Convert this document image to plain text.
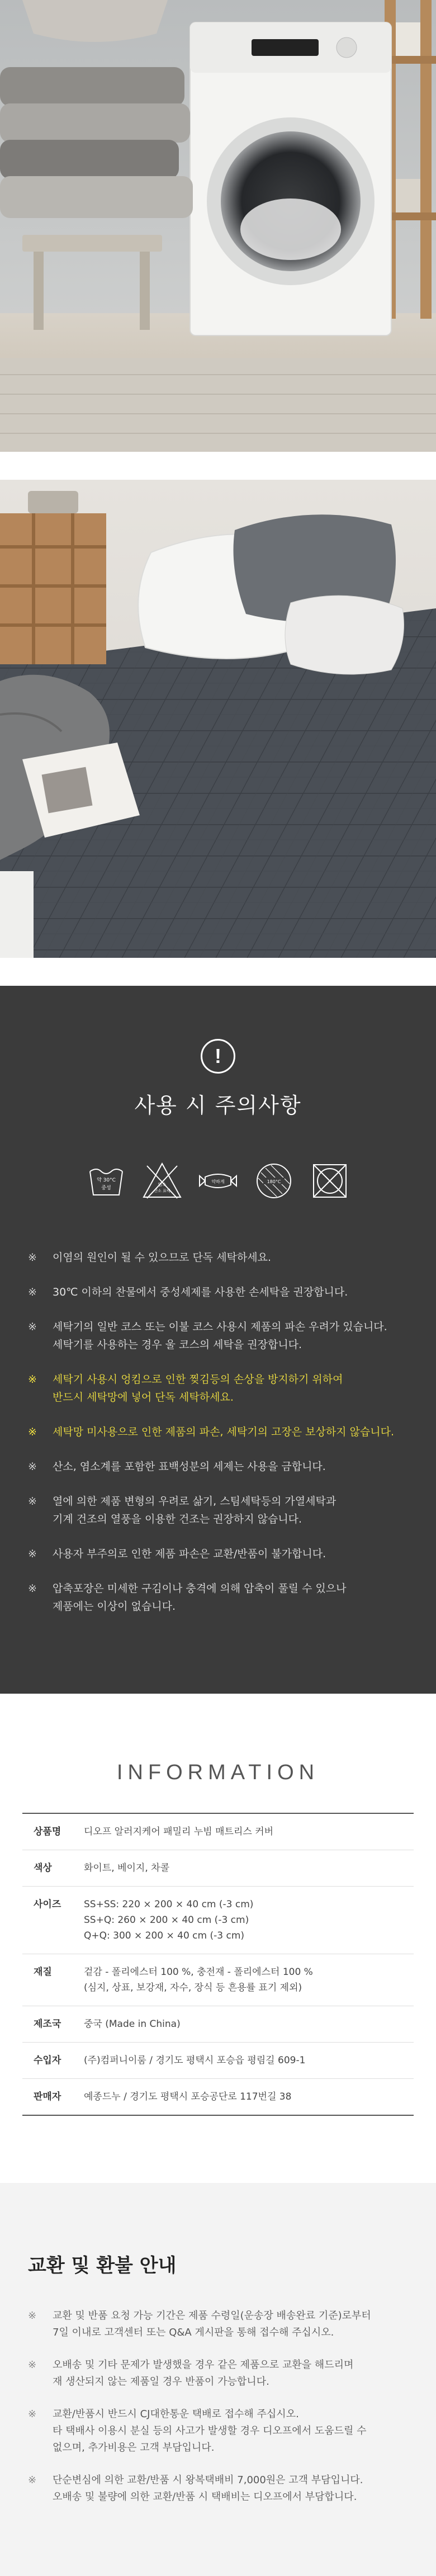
!
사용 시 주의사항
약 30°C
중성
염소
산소 표백
약하게	180°C
※	이염의 원인이 될 수 있으므로 단독 세탁하세요.

※	30℃ 이하의 찬물에서 중성세제를 사용한 손세탁을 권장합니다.

※	세탁기의 일반 코스 또는 이불 코스 사용시 제품의 파손 우려가 있습니다.
세탁기를 사용하는 경우 울 코스의 세탁을 권장합니다.

※	세탁기 사용시 엉킴으로 인한 찢김등의 손상을 방지하기 위하여
반드시 세탁망에 넣어 단독 세탁하세요.

※	세탁망 미사용으로 인한 제품의 파손, 세탁기의 고장은 보상하지 않습니다.

※	산소, 염소계를 포함한 표백성분의 세제는 사용을 금합니다.

※	열에 의한 제품 변형의 우려로 삶기, 스팀세탁등의 가열세탁과
기계 건조의 열풍을 이용한 건조는 권장하지 않습니다.

※	사용자 부주의로 인한 제품 파손은 교환/반품이 불가합니다.

※	압축포장은 미세한 구김이나 충격에 의해 압축이 풀릴 수 있으나
제품에는 이상이 없습니다.

INFORMATION
상품명	디오프 알러지케어 패밀리 누빔 매트리스 커버
색상	화이트, 베이지, 차콜
사이즈	SS+SS: 220 × 200 × 40 cm (-3 cm)
SS+Q: 260 × 200 × 40 cm (-3 cm)
Q+Q: 300 × 200 × 40 cm (-3 cm)
재질	겉감 - 폴리에스터 100 %, 충전재 - 폴리에스터 100 %
(심지, 상표, 보강재, 자수, 장식 등 흔용률 표기 제외)
제조국	중국 (Made in China)
수입자	(주)컴퍼니이룸 / 경기도 평택시 포승읍 평림길 609-1
판매자	예종드누 / 경기도 평택시 포승공단로 117번길 38
교환 및 환불 안내
※	교환 및 반품 요청 가능 기간은 제품 수령일(운송장 배송완료 기준)로부터
7일 이내로 고객센터 또는 Q&A 게시판을 통해 접수해 주십시오.

※	오배송 및 기타 문제가 발생했을 경우 같은 제품으로 교환을 해드리며
재 생산되지 않는 제품일 경우 반품이 가능합니다.

※	교환/반품시 반드시 CJ대한통운 택배로 접수해 주십시오.
타 택배사 이용시 분실 등의 사고가 발생할 경우 디오프에서 도움드릴 수
없으며, 추가비용은 고객 부담입니다.

※	단순변심에 의한 교환/반품 시 왕복택배비 7,000원은 고객 부담입니다.
오배송 및 불량에 의한 교환/반품 시 택배비는 디오프에서 부담합니다.
